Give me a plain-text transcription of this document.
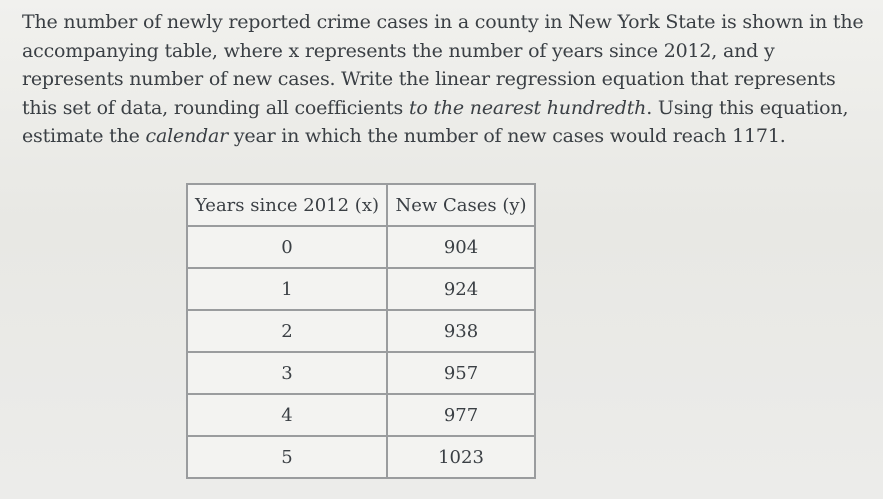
The number of newly reported crime cases in a county in New York State is shown in the accompanying table, where x represents the number of years since 2012, and y represents number of new cases. Write the linear regression equation that represents this set of data, rounding all coefficients to the nearest hundredth. Using this equation, estimate the calendar year in which the number of new cases would reach 1171.

Years since 2012 (x)	New Cases (y)
0	904
1	924
2	938
3	957
4	977
5	1023
